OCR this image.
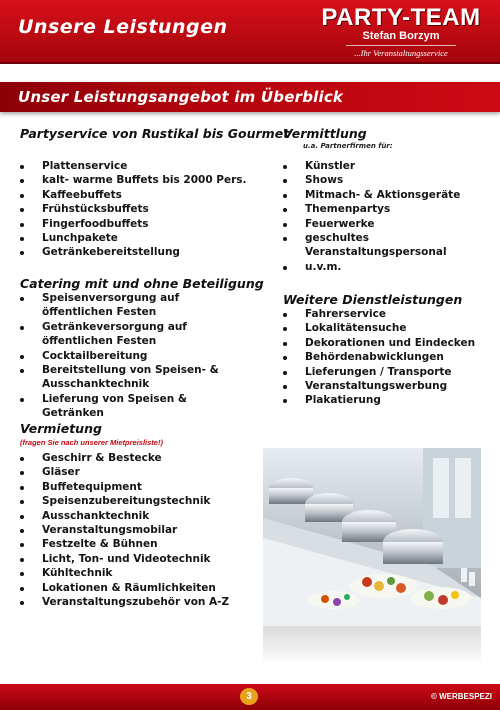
Unsere Leistungen	PARTY-TEAM
Stefan Borzym
...Ihr Veranstaltungsservice
Unser Leistungsangebot im Überblick
Partyservice von Rustikal bis Gourmet
Plattenservice
kalt- warme Buffets bis 2000 Pers.
Kaffeebuffets
Frühstücksbuffets
Fingerfoodbuffets
Lunchpakete
Getränkebereitstellung
Catering mit und ohne Beteiligung
Speisenversorgung auf öffentlichen Festen
Getränkeversorgung auf öffentlichen Festen
Cocktailbereitung
Bereitstellung von Speisen- & Ausschanktechnik
Lieferung von Speisen & Getränken
Vermietung
(fragen Sie nach unserer Mietpreisliste!)
Geschirr & Bestecke
Gläser
Buffetequipment
Speisenzubereitungstechnik
Ausschanktechnik
Veranstaltungsmobilar
Festzelte & Bühnen
Licht, Ton- und Videotechnik
Kühltechnik
Lokationen & Räumlichkeiten
Veranstaltungszubehör von A-Z
Vermittlung
u.a. Partnerfirmen für:
Künstler
Shows
Mitmach- & Aktionsgeräte
Themenpartys
Feuerwerke
geschultes Veranstaltungspersonal
u.v.m.
Weitere Dienstleistungen
Fahrerservice
Lokalitätensuche
Dekorationen und Eindecken
Behördenabwicklungen
Lieferungen / Transporte
Veranstaltungswerbung
Plakatierung
3	© WERBESPEZI
